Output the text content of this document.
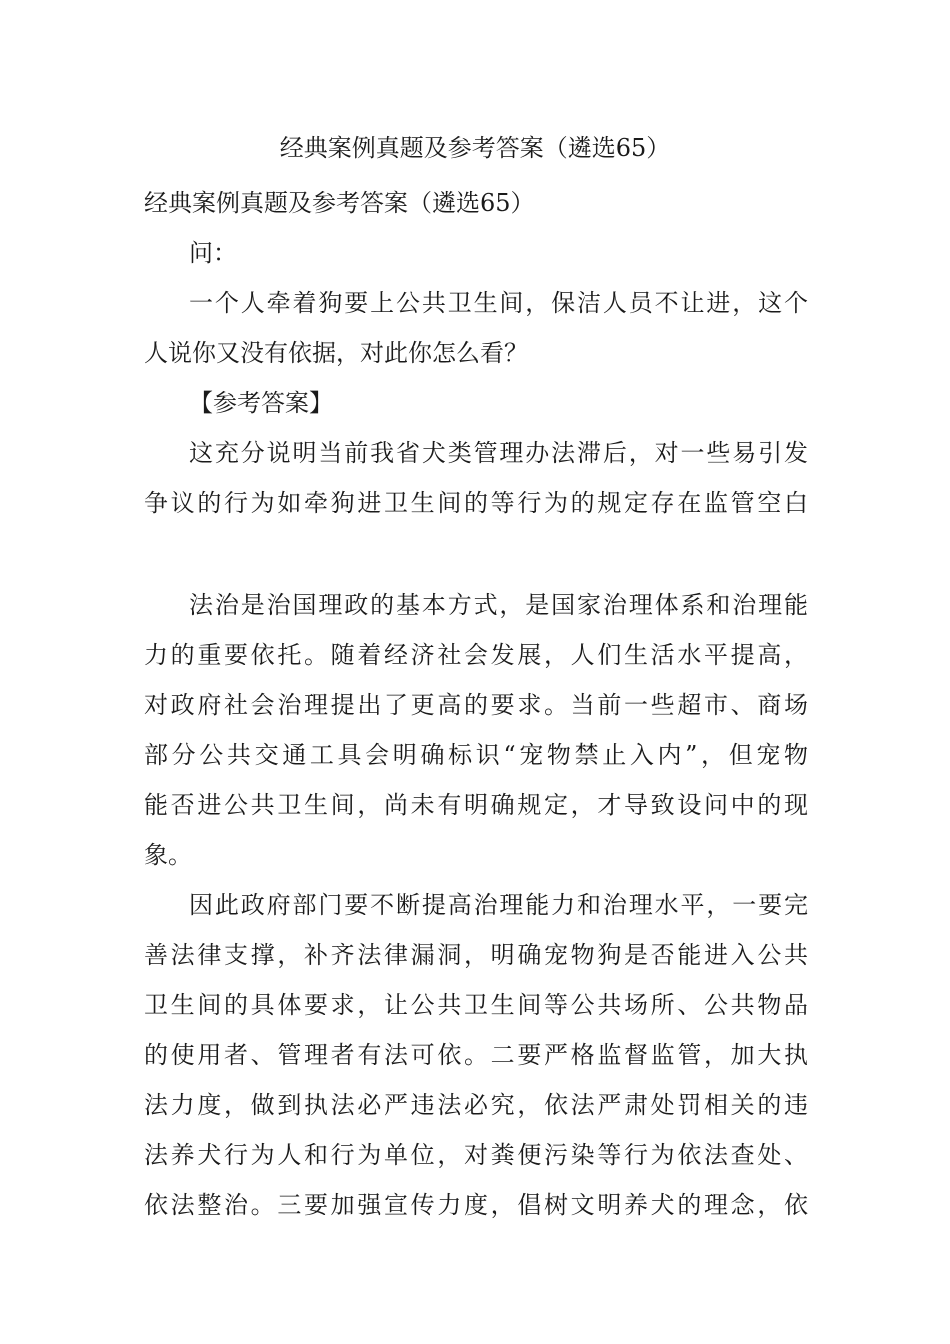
经典案例真题及参考答案（遴选65）
经典案例真题及参考答案（遴选65）
问：
一个人牵着狗要上公共卫生间，保洁人员不让进，这个
人说你又没有依据，对此你怎么看？
【参考答案】
这充分说明当前我省犬类管理办法滞后，对一些易引发
争议的行为如牵狗进卫生间的等行为的规定存在监管空白
法治是治国理政的基本方式，是国家治理体系和治理能
力的重要依托。随着经济社会发展，人们生活水平提高，
对政府社会治理提出了更高的要求。当前一些超市、商场
部分公共交通工具会明确标识“宠物禁止入内”，但宠物
能否进公共卫生间，尚未有明确规定，才导致设问中的现
象。
因此政府部门要不断提高治理能力和治理水平，一要完
善法律支撑，补齐法律漏洞，明确宠物狗是否能进入公共
卫生间的具体要求，让公共卫生间等公共场所、公共物品
的使用者、管理者有法可依。二要严格监督监管，加大执
法力度，做到执法必严违法必究，依法严肃处罚相关的违
法养犬行为人和行为单位，对粪便污染等行为依法查处、
依法整治。三要加强宣传力度，倡树文明养犬的理念，依
